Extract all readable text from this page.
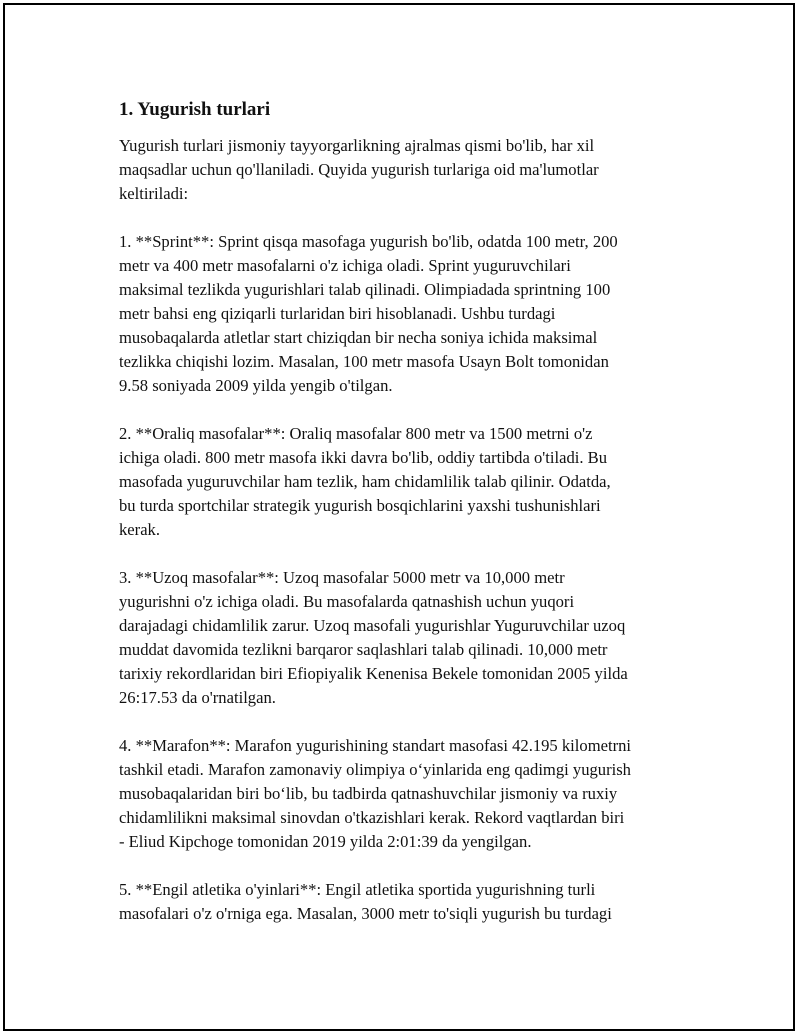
1. Yugurish turlari
Yugurish turlari jismoniy tayyorgarlikning ajralmas qismi bo'lib, har xil
maqsadlar uchun qo'llaniladi. Quyida yugurish turlariga oid ma'lumotlar
keltiriladi:
1. **Sprint**: Sprint qisqa masofaga yugurish bo'lib, odatda 100 metr, 200
metr va 400 metr masofalarni o'z ichiga oladi. Sprint yuguruvchilari
maksimal tezlikda yugurishlari talab qilinadi. Olimpiadada sprintning 100
metr bahsi eng qiziqarli turlaridan biri hisoblanadi. Ushbu turdagi
musobaqalarda atletlar start chiziqdan bir necha soniya ichida maksimal
tezlikka chiqishi lozim. Masalan, 100 metr masofa Usayn Bolt tomonidan
9.58 soniyada 2009 yilda yengib o'tilgan.
2. **Oraliq masofalar**: Oraliq masofalar 800 metr va 1500 metrni o'z
ichiga oladi. 800 metr masofa ikki davra bo'lib, oddiy tartibda o'tiladi. Bu
masofada yuguruvchilar ham tezlik, ham chidamlilik talab qilinir. Odatda,
bu turda sportchilar strategik yugurish bosqichlarini yaxshi tushunishlari
kerak.
3. **Uzoq masofalar**: Uzoq masofalar 5000 metr va 10,000 metr
yugurishni o'z ichiga oladi. Bu masofalarda qatnashish uchun yuqori
darajadagi chidamlilik zarur. Uzoq masofali yugurishlar Yuguruvchilar uzoq
muddat davomida tezlikni barqaror saqlashlari talab qilinadi. 10,000 metr
tarixiy rekordlaridan biri Efiopiyalik Kenenisa Bekele tomonidan 2005 yilda
26:17.53 da o'rnatilgan.
4. **Marafon**: Marafon yugurishining standart masofasi 42.195 kilometrni
tashkil etadi. Marafon zamonaviy olimpiya o‘yinlarida eng qadimgi yugurish
musobaqalaridan biri bo‘lib, bu tadbirda qatnashuvchilar jismoniy va ruxiy
chidamlilikni maksimal sinovdan o'tkazishlari kerak. Rekord vaqtlardan biri
- Eliud Kipchoge tomonidan 2019 yilda 2:01:39 da yengilgan.
5. **Engil atletika o'yinlari**: Engil atletika sportida yugurishning turli
masofalari o'z o'rniga ega. Masalan, 3000 metr to'siqli yugurish bu turdagi
